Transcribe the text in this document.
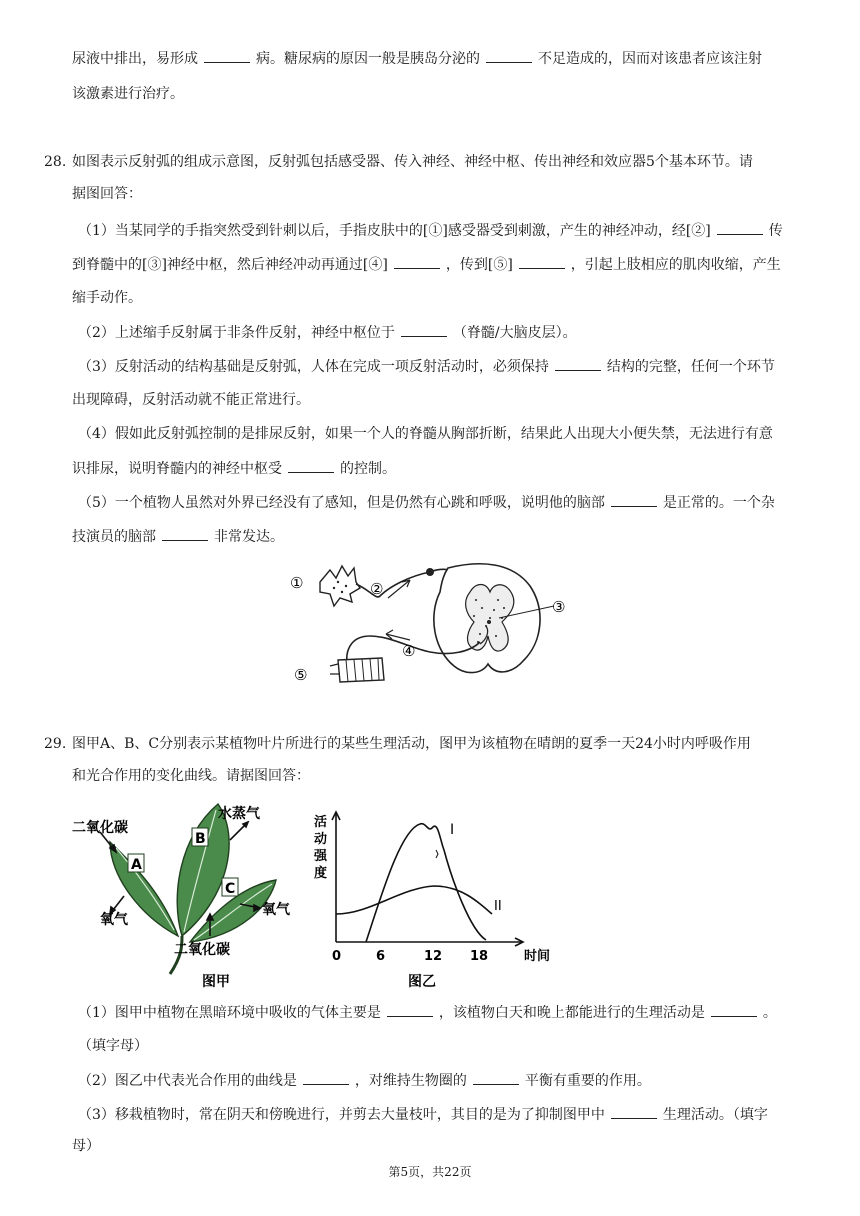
尿液中排出，易形成	病。糖尿病的原因一般是胰岛分泌的	不足造成的，因而对该患者应该注射
该激素进行治疗。
28. 如图表示反射弧的组成示意图，反射弧包括感受器、传入神经、神经中枢、传出神经和效应器5个基本环节。请
据图回答：
（1）当某同学的手指突然受到针刺以后，手指皮肤中的[①]感受器受到刺激，产生的神经冲动，经[②]	传
到脊髓中的[③]神经中枢，然后神经冲动再通过[④]	，传到[⑤]	，引起上肢相应的肌肉收缩，产生
缩手动作。
（2）上述缩手反射属于非条件反射，神经中枢位于	（脊髓/大脑皮层）。
（3）反射活动的结构基础是反射弧，人体在完成一项反射活动时，必须保持	结构的完整，任何一个环节
出现障碍，反射活动就不能正常进行。
（4）假如此反射弧控制的是排尿反射，如果一个人的脊髓从胸部折断，结果此人出现大小便失禁，无法进行有意
识排尿，说明脊髓内的神经中枢受	的控制。
（5）一个植物人虽然对外界已经没有了感知，但是仍然有心跳和呼吸，说明他的脑部	是正常的。一个杂
技演员的脑部	非常发达。
①	②
③
④
⑤
29. 图甲A、B、C分别表示某植物叶片所进行的某些生理活动，图甲为该植物在晴朗的夏季一天24小时内呼吸作用
和光合作用的变化曲线。请据图回答：
A
B
C
二氧化碳
水蒸气
氧气
氧气
二氧化碳
图甲
活
动
强
度
I
II
0	6	12 18	时间
图乙
（1）图甲中植物在黑暗环境中吸收的气体主要是	，该植物白天和晚上都能进行的生理活动是	。
（填字母）
（2）图乙中代表光合作用的曲线是	，对维持生物圈的	平衡有重要的作用。
（3）移栽植物时，常在阴天和傍晚进行，并剪去大量枝叶，其目的是为了抑制图甲中	生理活动。（填字
母）
第5页，共22页
